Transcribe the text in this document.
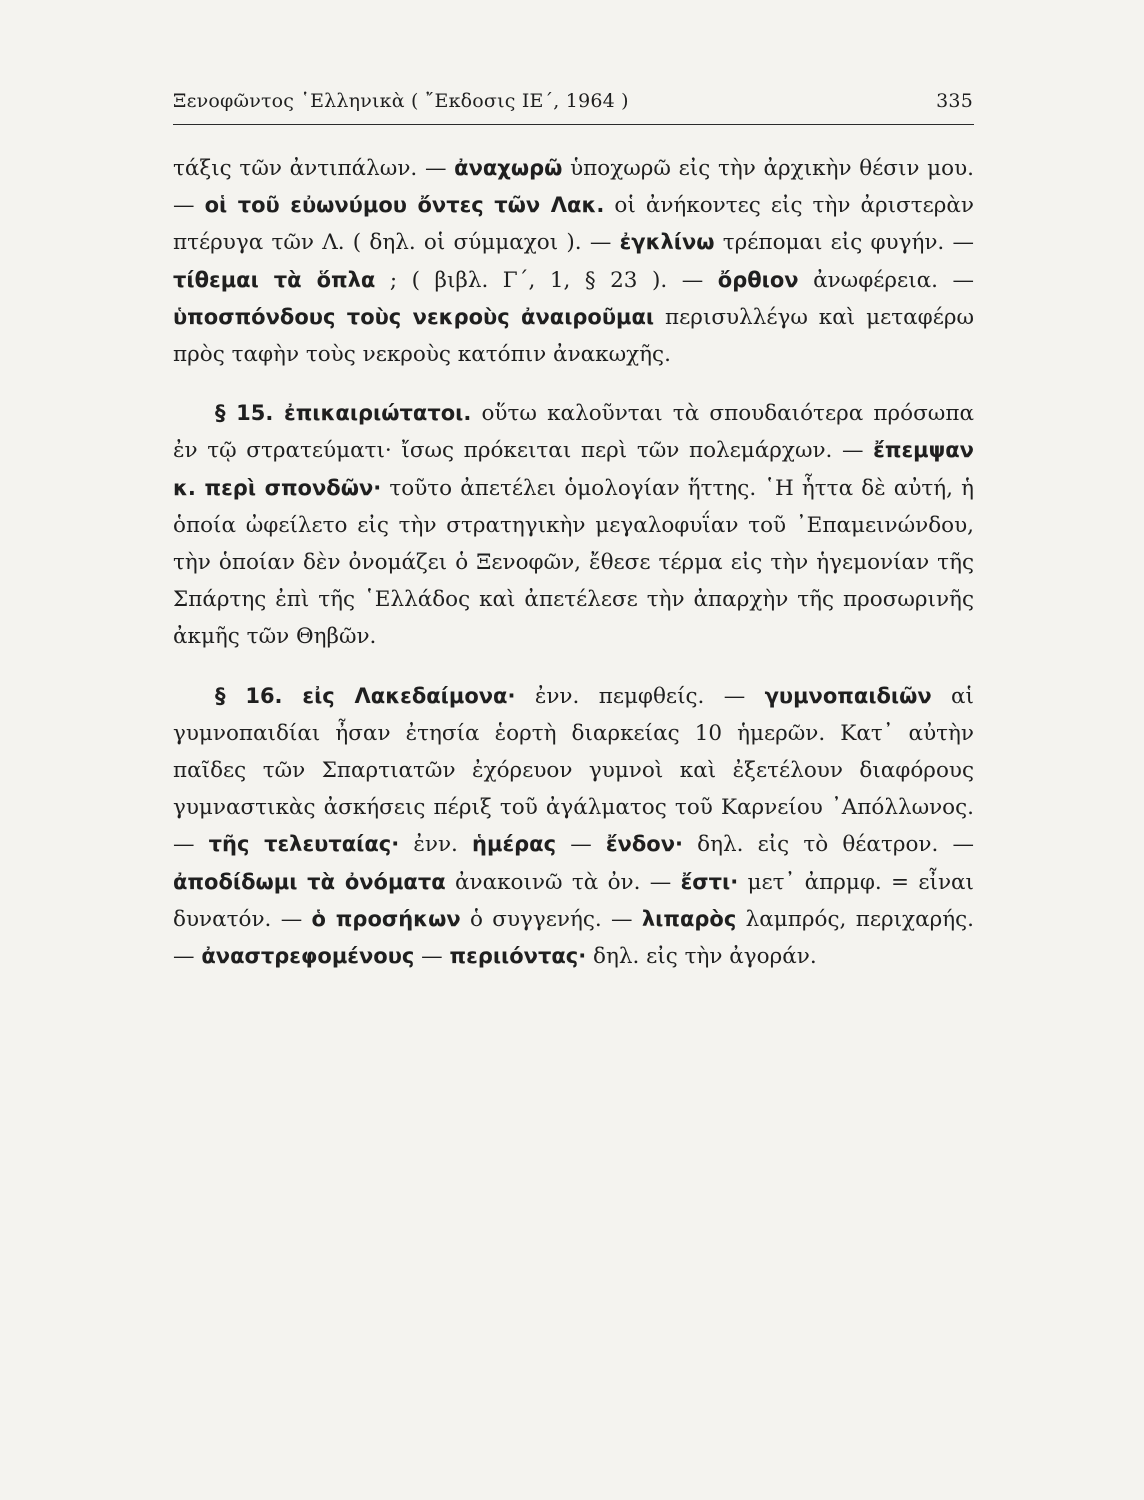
Ξενοφῶντος ῾Ελληνικὰ ( ῎Εκδοσις ΙΕ΄, 1964 )	335

τάξις τῶν ἀντιπάλων. — ἀναχωρῶ ὑποχωρῶ εἰς τὴν ἀρχικὴν θέσιν μου. — οἱ τοῦ εὐωνύμου ὄντες τῶν Λακ. οἱ ἀνήκοντες εἰς τὴν ἀριστερὰν πτέρυγα τῶν Λ. ( δηλ. οἱ σύμμαχοι ). — ἐγκλίνω τρέπομαι εἰς φυγήν. — τίθεμαι τὰ ὅπλα ; ( βιβλ. Γ΄, 1, § 23 ). — ὄρθιον ἀνωφέρεια. — ὑποσπόνδους τοὺς νεκροὺς ἀναιροῦμαι περισυλλέγω καὶ μεταφέρω πρὸς ταφὴν τοὺς νεκροὺς κατόπιν ἀνακωχῆς.

§ 15. ἐπικαιριώτατοι. οὕτω καλοῦνται τὰ σπουδαιότερα πρόσωπα ἐν τῷ στρατεύματι· ἴσως πρόκειται περὶ τῶν πολεμάρχων. — ἔπεμψαν κ. περὶ σπονδῶν· τοῦτο ἀπετέλει ὁμολογίαν ἥττης. ῾Η ἧττα δὲ αὐτή, ἡ ὁποία ὠφείλετο εἰς τὴν στρατηγικὴν μεγαλοφυΐαν τοῦ ᾿Επαμεινώνδου, τὴν ὁποίαν δὲν ὀνομάζει ὁ Ξενοφῶν, ἔθεσε τέρμα εἰς τὴν ἡγεμονίαν τῆς Σπάρτης ἐπὶ τῆς ῾Ελλάδος καὶ ἀπετέλεσε τὴν ἀπαρχὴν τῆς προσωρινῆς ἀκμῆς τῶν Θηβῶν.

§ 16. εἰς Λακεδαίμονα· ἐνν. πεμφθείς. — γυμνοπαιδιῶν αἱ γυμνοπαιδίαι ἦσαν ἐτησία ἑορτὴ διαρκείας 10 ἡμερῶν. Κατ᾽ αὐτὴν παῖδες τῶν Σπαρτιατῶν ἐχόρευον γυμνοὶ καὶ ἐξετέλουν διαφόρους γυμναστικὰς ἀσκήσεις πέριξ τοῦ ἀγάλματος τοῦ Καρνείου ᾿Απόλλωνος.— τῆς τελευταίας· ἐνν. ἡμέρας — ἔνδον· δηλ. εἰς τὸ θέατρον. — ἀποδίδωμι τὰ ὀνόματα ἀνακοινῶ τὰ ὀν. — ἔστι· μετ᾽ ἀπρμφ. = εἶναι δυνατόν. — ὁ προσήκων ὁ συγγενής. — λιπαρὸς λαμπρός, περιχαρής. — ἀναστρεφομένους — περιιόντας· δηλ. εἰς τὴν ἀγοράν.
